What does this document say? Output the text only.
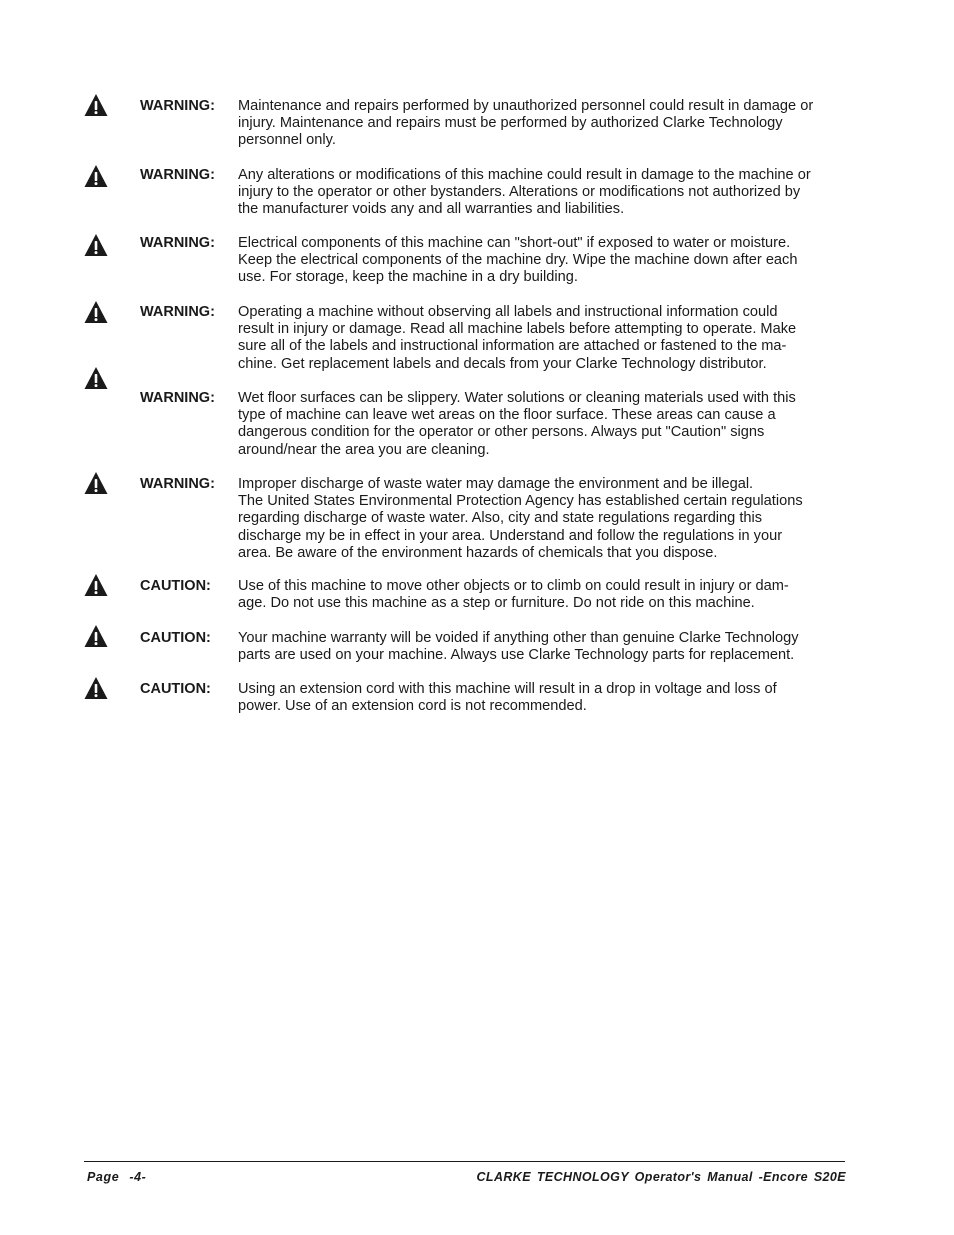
WARNING: Maintenance and repairs performed by unauthorized personnel could result in damage or
injury. Maintenance and repairs must be performed by authorized Clarke Technology
personnel only.
WARNING: Any alterations or modifications of this machine could result in damage to the machine or
injury to the operator or other bystanders. Alterations or modifications not authorized by
the manufacturer voids any and all warranties and liabilities.
WARNING: Electrical components of this machine can "short-out" if exposed to water or moisture.
Keep the electrical components of the machine dry. Wipe the machine down after each
use. For storage, keep the machine in a dry building.
WARNING: Operating a machine without observing all labels and instructional information could
result in injury or damage. Read all machine labels before attempting to operate. Make
sure all of the labels and instructional information are attached or fastened to the ma-
chine. Get replacement labels and decals from your Clarke Technology distributor.
WARNING: Wet floor surfaces can be slippery. Water solutions or cleaning materials used with this
type of machine can leave wet areas on the floor surface. These areas can cause a
dangerous condition for the operator or other persons. Always put "Caution" signs
around/near the area you are cleaning.
WARNING: Improper discharge of waste water may damage the environment and be illegal.
The United States Environmental Protection Agency has established certain regulations
regarding discharge of waste water. Also, city and state regulations regarding this
discharge my be in effect in your area. Understand and follow the regulations in your
area. Be aware of the environment hazards of chemicals that you dispose.
CAUTION: Use of this machine to move other objects or to climb on could result in injury or dam-
age. Do not use this machine as a step or furniture. Do not ride on this machine.
CAUTION: Your machine warranty will be voided if anything other than genuine Clarke Technology
parts are used on your machine. Always use Clarke Technology parts for replacement.
CAUTION: Using an extension cord with this machine will result in a drop in voltage and loss of
power. Use of an extension cord is not recommended.
Page -4-	CLARKE TECHNOLOGY Operator's Manual -Encore S20E
